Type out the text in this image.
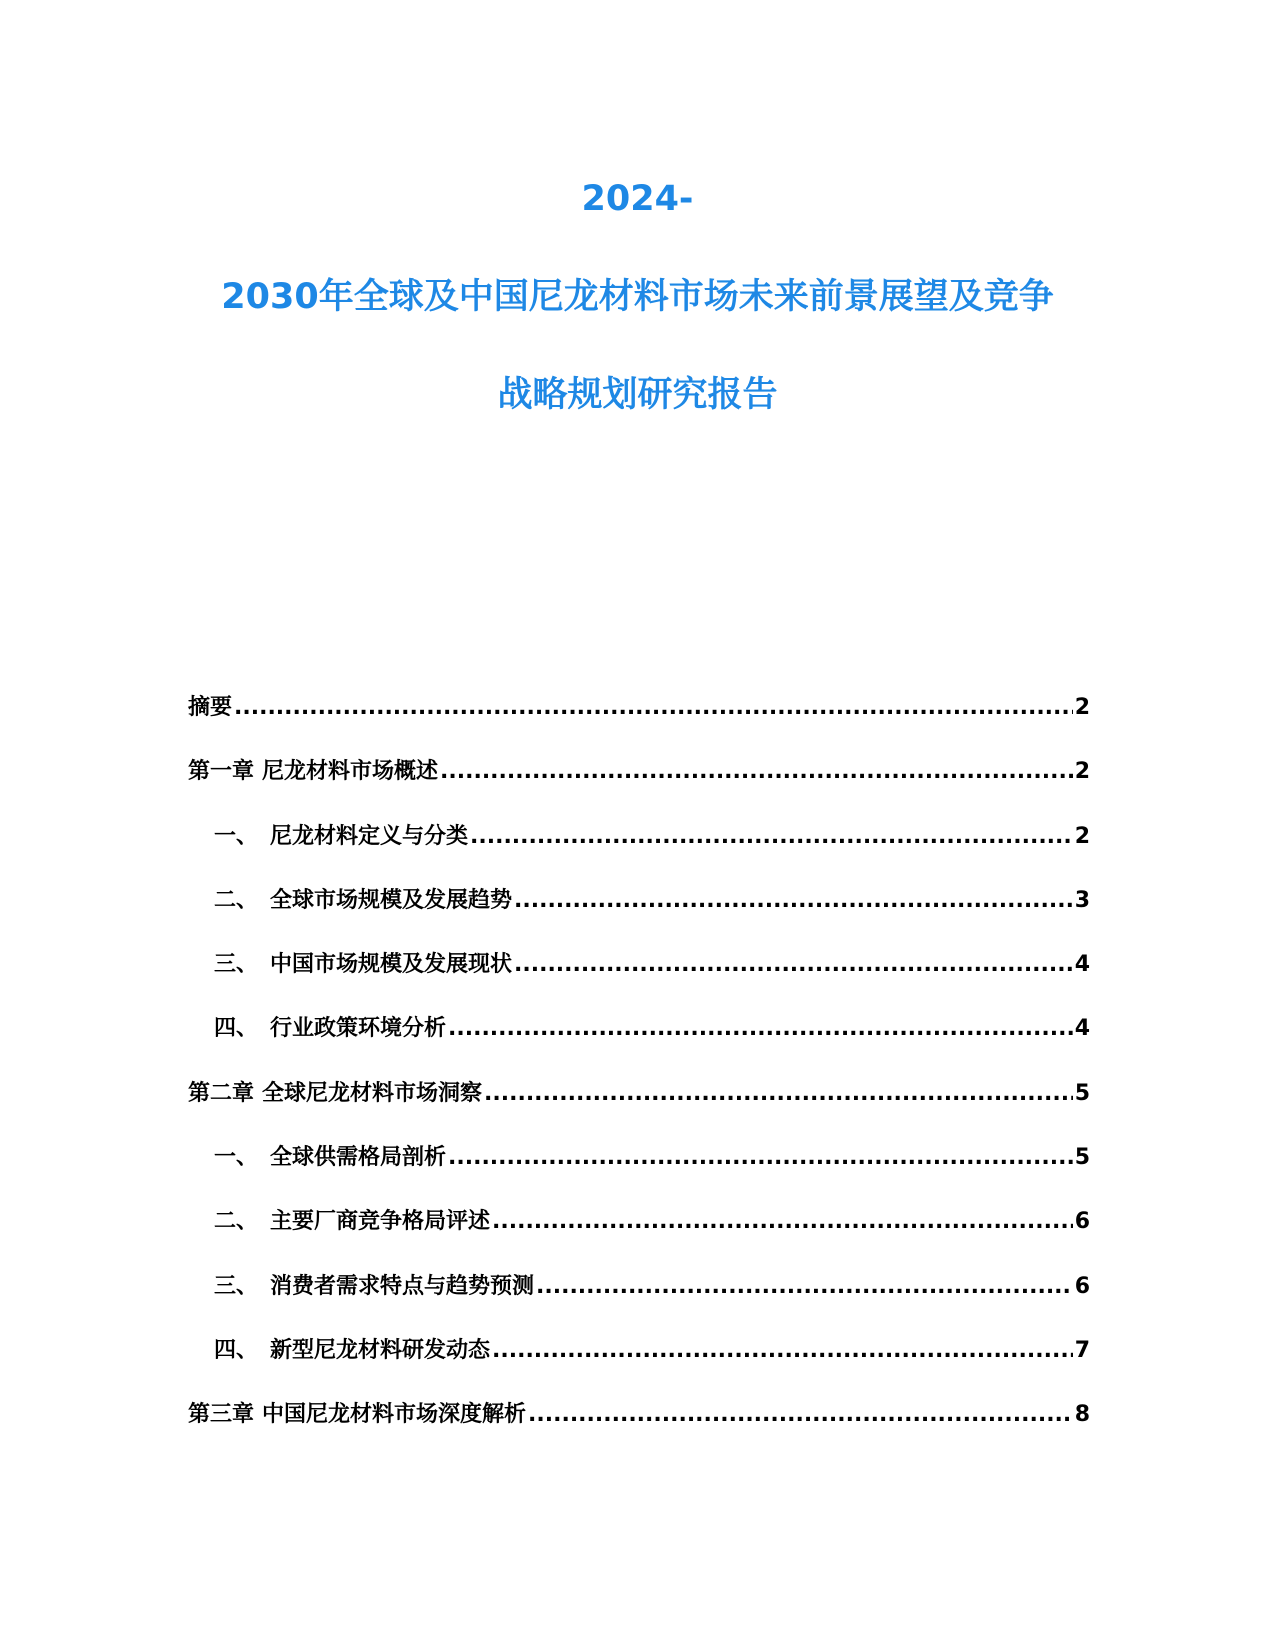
2024-
2030年全球及中国尼龙材料市场未来前景展望及竞争
战略规划研究报告
摘要 .....	2
第一章 尼龙材料市场概述 .....	2
一、 尼龙材料定义与分类 .....	2
二、 全球市场规模及发展趋势 .....	3
三、 中国市场规模及发展现状 .....	4
四、 行业政策环境分析 .....	4
第二章 全球尼龙材料市场洞察 .....	5
一、 全球供需格局剖析 .....	5
二、 主要厂商竞争格局评述 .....	6
三、 消费者需求特点与趋势预测 .....	6
四、 新型尼龙材料研发动态 .....	7
第三章 中国尼龙材料市场深度解析 .....	8
